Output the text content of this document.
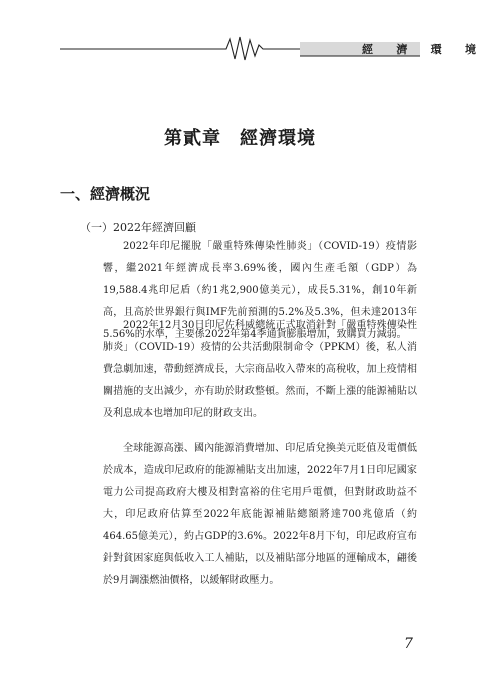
經 濟 環 境
第貳章　經濟環境
一、經濟概況
（一）2022年經濟回顧

2022年印尼擺脫「嚴重特殊傳染性肺炎」（COVID-19）疫情影響，繼2021年經濟成長率3.69%後，國內生產毛額（GDP）為19,588.4兆印尼盾（約1兆2,900億美元），成長5.31%，創10年新高，且高於世界銀行與IMF先前預測的5.2%及5.3%，但未達2013年5.56%的水準，主要係2022年第4季通貨膨脹增加，致購買力減弱。

2022年12月30日印尼佐科威總統正式取消針對「嚴重特殊傳染性肺炎」（COVID-19）疫情的公共活動限制命令（PPKM）後，私人消費急劇加速，帶動經濟成長，大宗商品收入帶來的高稅收，加上疫情相關措施的支出減少，亦有助於財政整頓。然而，不斷上漲的能源補貼以及利息成本也增加印尼的財政支出。

全球能源高漲、國內能源消費增加、印尼盾兌換美元貶值及電價低於成本，造成印尼政府的能源補貼支出加速，2022年7月1日印尼國家電力公司提高政府大樓及相對富裕的住宅用戶電價，但對財政助益不大，印尼政府估算至2022年底能源補貼總額將達700兆億盾（約464.65億美元），約占GDP的3.6%。2022年8月下旬，印尼政府宣布針對貧困家庭與低收入工人補貼，以及補貼部分地區的運輸成本，翩後於9月調漲燃油價格，以緩解財政壓力。

7
